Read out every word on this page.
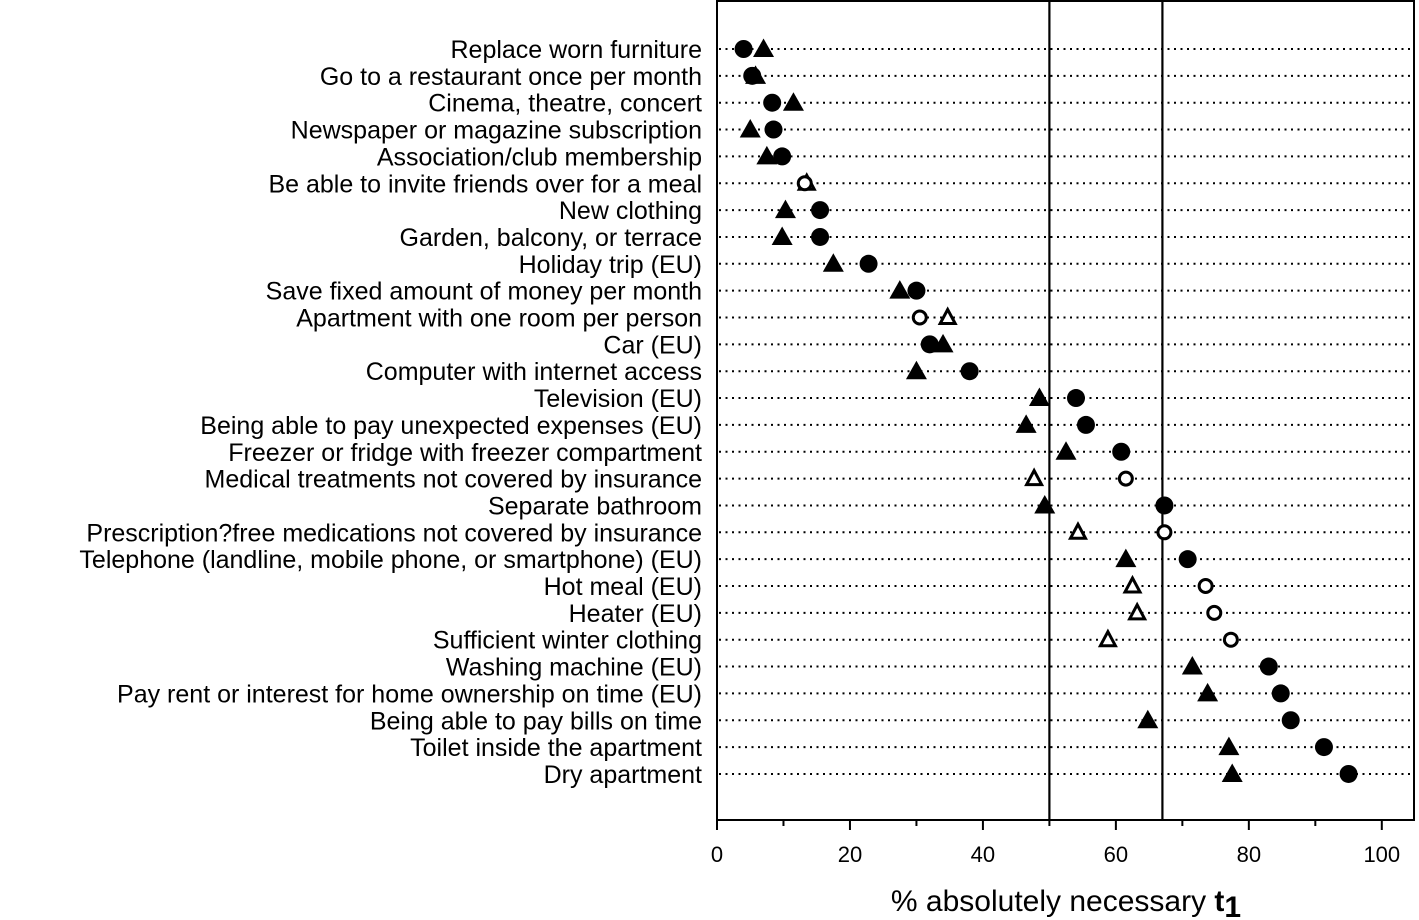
Replace worn furniture
Go to a restaurant once per month
Cinema, theatre, concert
Newspaper or magazine subscription
Association/club membership
Be able to invite friends over for a meal
New clothing
Garden, balcony, or terrace
Holiday trip (EU)
Save fixed amount of money per month
Apartment with one room per person
Car (EU)
Computer with internet access
Television (EU)
Being able to pay unexpected expenses (EU)
Freezer or fridge with freezer compartment
Medical treatments not covered by insurance
Separate bathroom
Prescription?free medications not covered by insurance
Telephone (landline, mobile phone, or smartphone) (EU)
Hot meal (EU)
Heater (EU)
Sufficient winter clothing
Washing machine (EU)
Pay rent or interest for home ownership on time (EU)
Being able to pay bills on time
Toilet inside the apartment
Dry apartment
0	20	40	60	80	100
% absolutely necessary t1
